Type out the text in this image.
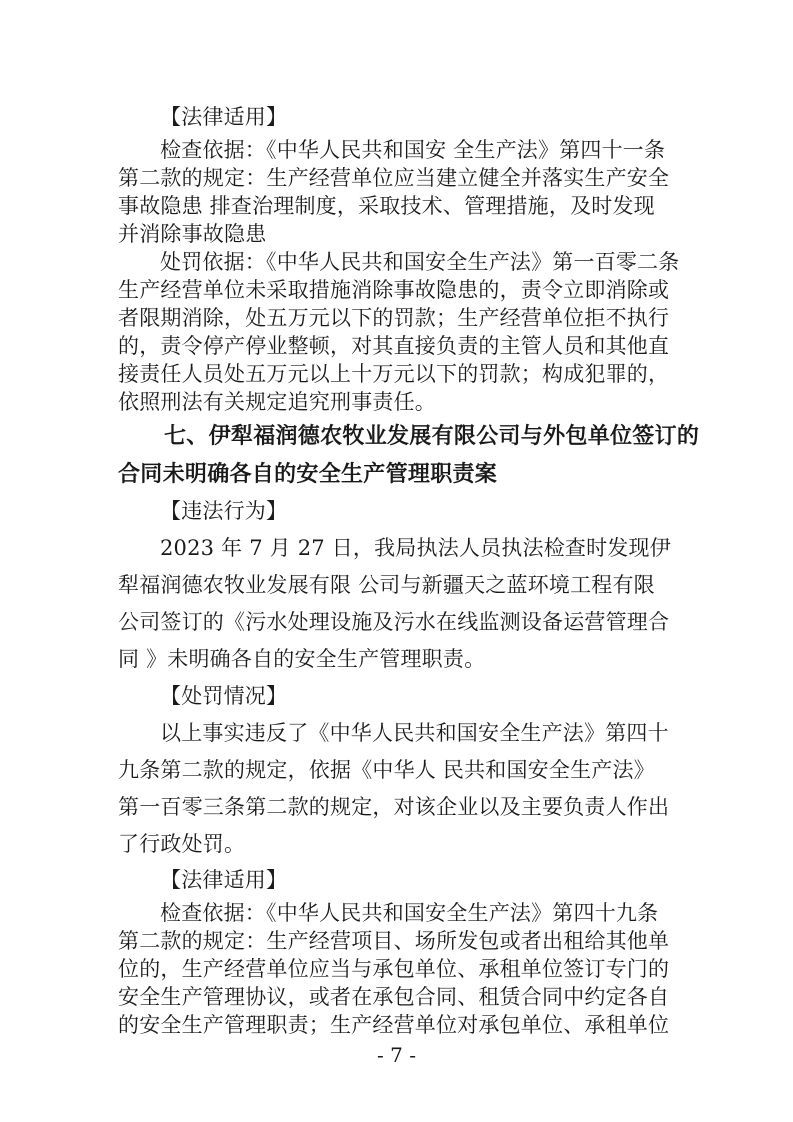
【法律适用】
检查依据：《中华人民共和国安 全生产法》第四十一条
第二款的规定：生产经营单位应当建立健全并落实生产安全
事故隐患 排查治理制度，采取技术、管理措施，及时发现
并消除事故隐患
处罚依据：《中华人民共和国安全生产法》第一百零二条
生产经营单位未采取措施消除事故隐患的，责令立即消除或
者限期消除，处五万元以下的罚款；生产经营单位拒不执行
的，责令停产停业整顿，对其直接负责的主管人员和其他直
接责任人员处五万元以上十万元以下的罚款；构成犯罪的，
依照刑法有关规定追究刑事责任。
七、伊犁福润德农牧业发展有限公司与外包单位签订的
合同未明确各自的安全生产管理职责案
【违法行为】
2023 年 7 月 27 日，我局执法人员执法检查时发现伊
犁福润德农牧业发展有限 公司与新疆天之蓝环境工程有限
公司签订的《污水处理设施及污水在线监测设备运营管理合
同 》未明确各自的安全生产管理职责。
【处罚情况】
以上事实违反了《中华人民共和国安全生产法》第四十
九条第二款的规定，依据《中华人 民共和国安全生产法》
第一百零三条第二款的规定，对该企业以及主要负责人作出
了行政处罚。
【法律适用】
检查依据：《中华人民共和国安全生产法》第四十九条
第二款的规定：生产经营项目、场所发包或者出租给其他单
位的，生产经营单位应当与承包单位、承租单位签订专门的
安全生产管理协议，或者在承包合同、租赁合同中约定各自
的安全生产管理职责；生产经营单位对承包单位、承租单位
- 7 -
